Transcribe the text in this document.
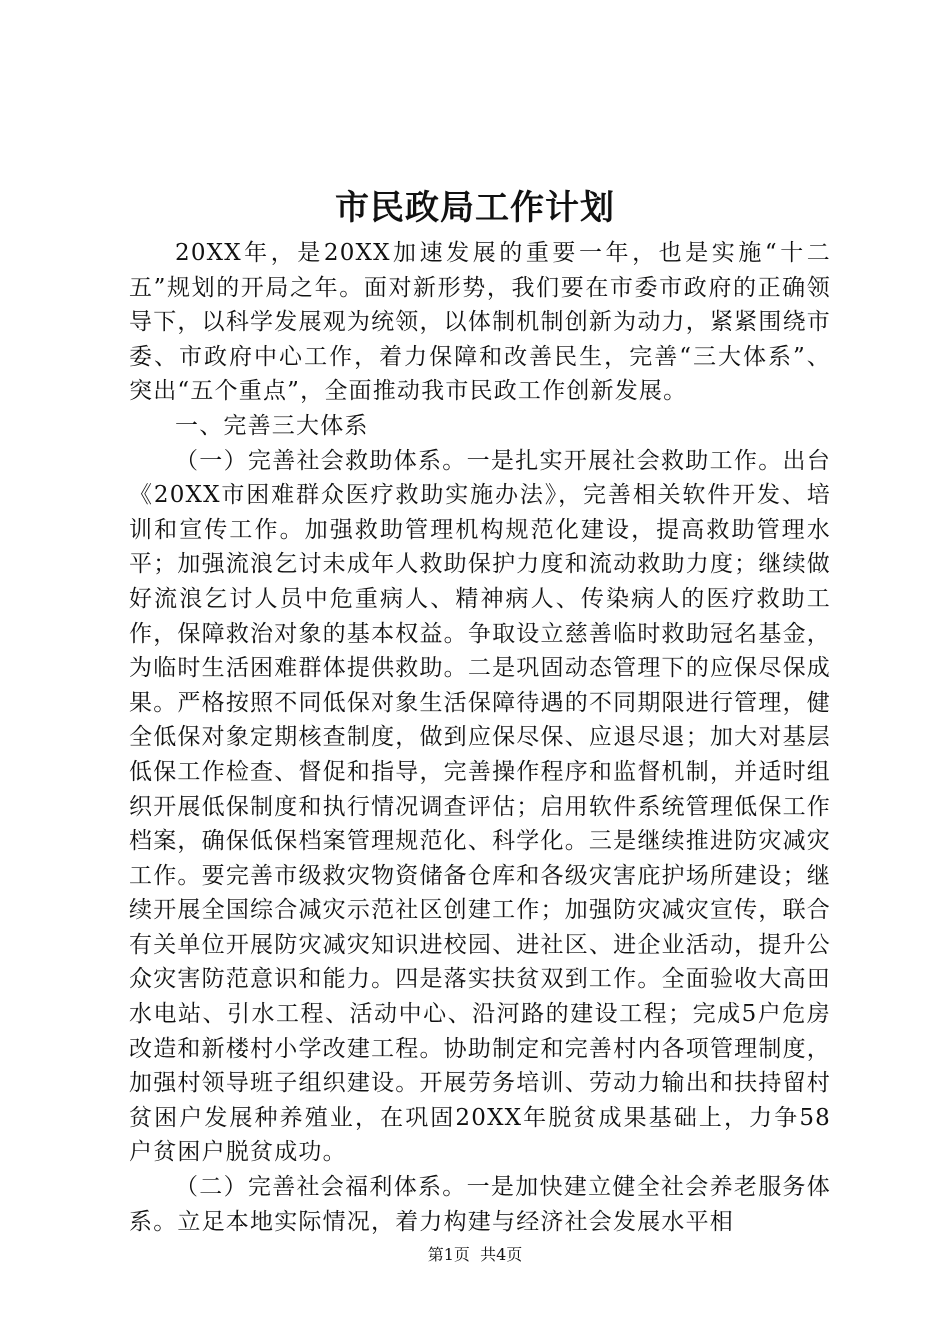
市民政局工作计划

20XX年，是20XX加速发展的重要一年，也是实施“十二五”规划的开局之年。面对新形势，我们要在市委市政府的正确领导下，以科学发展观为统领，以体制机制创新为动力，紧紧围绕市委、市政府中心工作，着力保障和改善民生，完善“三大体系”、突出“五个重点”，全面推动我市民政工作创新发展。

一、完善三大体系

（一）完善社会救助体系。一是扎实开展社会救助工作。出台《20XX市困难群众医疗救助实施办法》，完善相关软件开发、培训和宣传工作。加强救助管理机构规范化建设，提高救助管理水平；加强流浪乞讨未成年人救助保护力度和流动救助力度；继续做好流浪乞讨人员中危重病人、精神病人、传染病人的医疗救助工作，保障救治对象的基本权益。争取设立慈善临时救助冠名基金，为临时生活困难群体提供救助。二是巩固动态管理下的应保尽保成果。严格按照不同低保对象生活保障待遇的不同期限进行管理，健全低保对象定期核查制度，做到应保尽保、应退尽退；加大对基层低保工作检查、督促和指导，完善操作程序和监督机制，并适时组织开展低保制度和执行情况调查评估；启用软件系统管理低保工作档案，确保低保档案管理规范化、科学化。三是继续推进防灾减灾工作。要完善市级救灾物资储备仓库和各级灾害庇护场所建设；继续开展全国综合减灾示范社区创建工作；加强防灾减灾宣传，联合有关单位开展防灾减灾知识进校园、进社区、进企业活动，提升公众灾害防范意识和能力。四是落实扶贫双到工作。全面验收大高田水电站、引水工程、活动中心、沿河路的建设工程；完成5户危房改造和新楼村小学改建工程。协助制定和完善村内各项管理制度，加强村领导班子组织建设。开展劳务培训、劳动力输出和扶持留村贫困户发展种养殖业，在巩固20XX年脱贫成果基础上，力争58户贫困户脱贫成功。

（二）完善社会福利体系。一是加快建立健全社会养老服务体系。立足本地实际情况，着力构建与经济社会发展水平相

第1页  共4页
